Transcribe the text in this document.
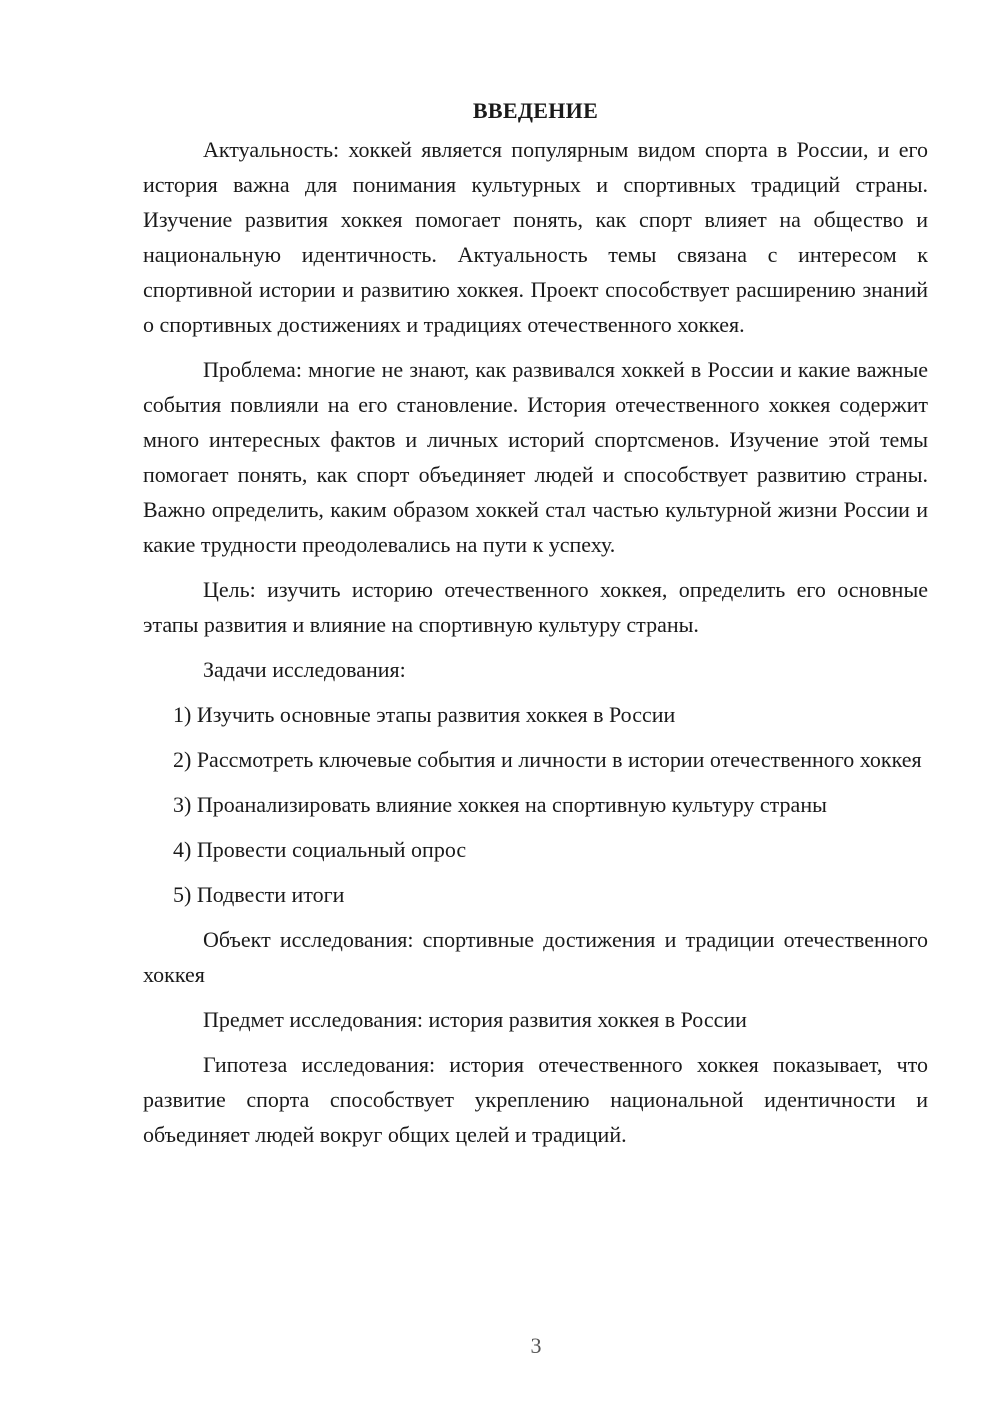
ВВЕДЕНИЕ

Актуальность: хоккей является популярным видом спорта в России, и его история важна для понимания культурных и спортивных традиций страны. Изучение развития хоккея помогает понять, как спорт влияет на общество и национальную идентичность. Актуальность темы связана с интересом к спортивной истории и развитию хоккея. Проект способствует расширению знаний о спортивных достижениях и традициях отечественного хоккея.

Проблема: многие не знают, как развивался хоккей в России и какие важные события повлияли на его становление. История отечественного хоккея содержит много интересных фактов и личных историй спортсменов. Изучение этой темы помогает понять, как спорт объединяет людей и способствует развитию страны. Важно определить, каким образом хоккей стал частью культурной жизни России и какие трудности преодолевались на пути к успеху.

Цель: изучить историю отечественного хоккея, определить его основные этапы развития и влияние на спортивную культуру страны.

Задачи исследования:

1) Изучить основные этапы развития хоккея в России

2) Рассмотреть ключевые события и личности в истории отечественного хоккея

3) Проанализировать влияние хоккея на спортивную культуру страны

4) Провести социальный опрос

5) Подвести итоги

Объект исследования: спортивные достижения и традиции отечественного хоккея

Предмет исследования: история развития хоккея в России

Гипотеза исследования: история отечественного хоккея показывает, что развитие спорта способствует укреплению национальной идентичности и объединяет людей вокруг общих целей и традиций.

3
